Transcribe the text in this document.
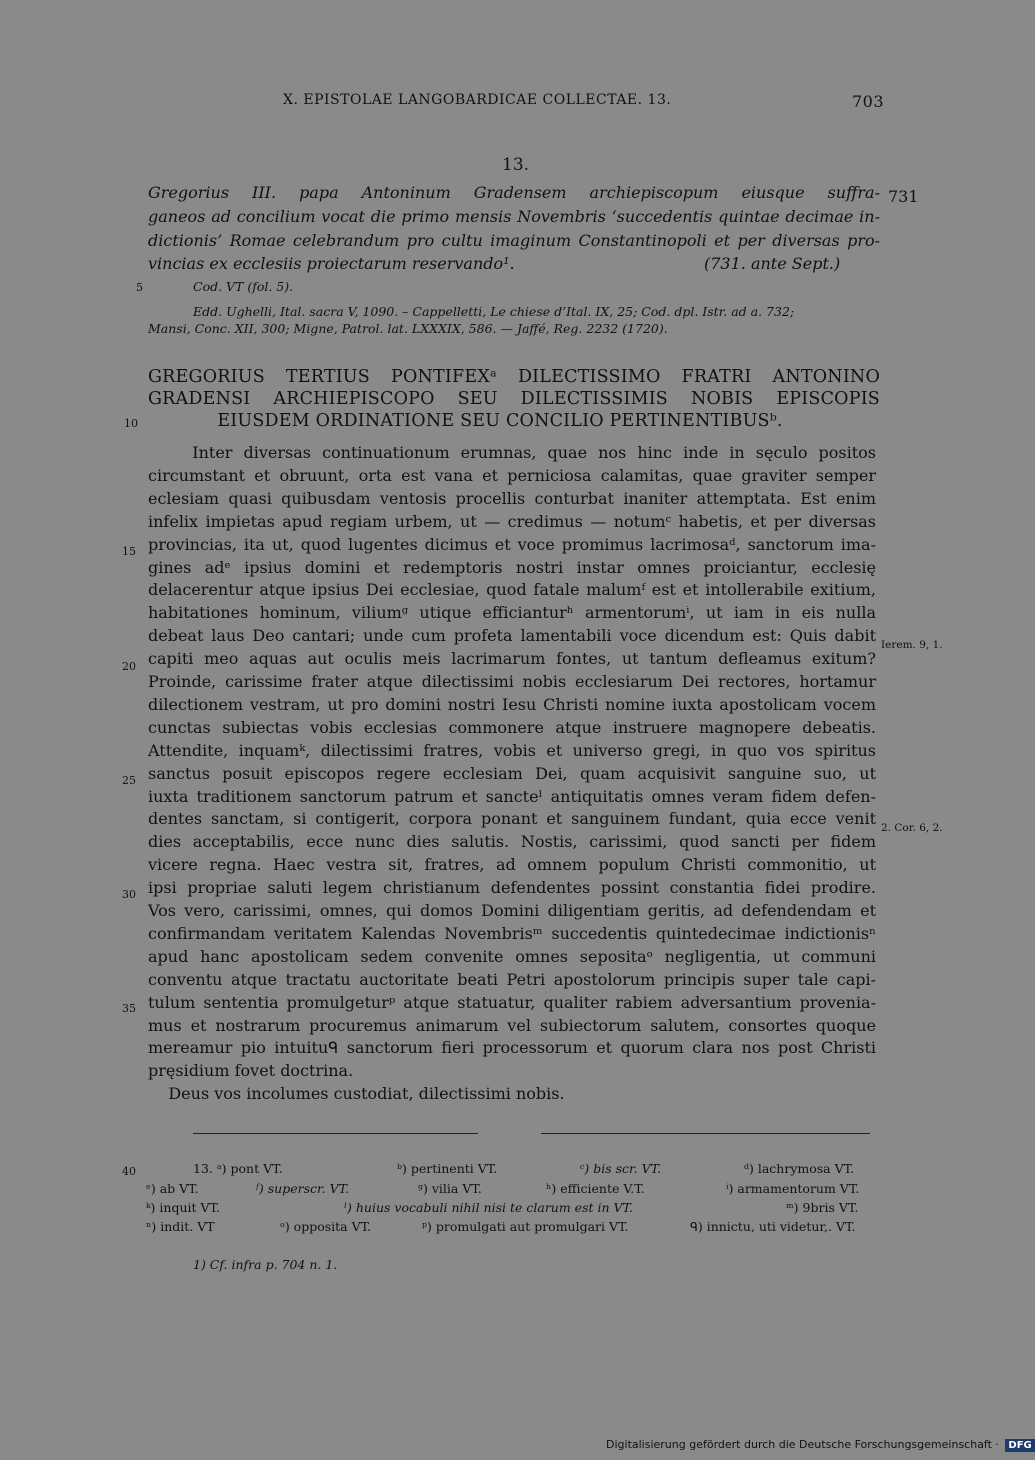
X. EPISTOLAE LANGOBARDICAE COLLECTAE. 13.	703
13.
Gregorius III. papa Antoninum Gradensem archiepiscopum eiusque suffra-
ganeos ad concilium vocat die primo mensis Novembris ‘succedentis quintae decimae in-
dictionis’ Romae celebrandum pro cultu imaginum Constantinopoli et per diversas pro-
vincias ex ecclesiis proiectarum reservando¹.	(731. ante Sept.)
731
5	Cod. VT (fol. 5).
Edd. Ughelli, Ital. sacra V, 1090. – Cappelletti, Le chiese d’Ital. IX, 25; Cod. dpl. Istr. ad a. 732;
Mansi, Conc. XII, 300; Migne, Patrol. lat. LXXXIX, 586. — Jaffé, Reg. 2232 (1720).
GREGORIUS TERTIUS PONTIFEXᵃ DILECTISSIMO FRATRI ANTONINO
GRADENSI ARCHIEPISCOPO SEU DILECTISSIMIS NOBIS EPISCOPIS
EIUSDEM ORDINATIONE SEU CONCILIO PERTINENTIBUSᵇ.
10
Inter diversas continuationum erumnas, quae nos hinc inde in sęculo positos
circumstant et obruunt, orta est vana et perniciosa calamitas, quae graviter semper
eclesiam quasi quibusdam ventosis procellis conturbat inaniter attemptata. Est enim
infelix impietas apud regiam urbem, ut — credimus — notumᶜ habetis, et per diversas
provincias, ita ut, quod lugentes dicimus et voce promimus lacrimosaᵈ, sanctorum ima-
gines adᵉ ipsius domini et redemptoris nostri instar omnes proiciantur, ecclesię
delacerentur atque ipsius Dei ecclesiae, quod fatale malumᶠ est et intollerabile exitium,
habitationes hominum, viliumᵍ utique efficianturʰ armentorumⁱ, ut iam in eis nulla
debeat laus Deo cantari; unde cum profeta lamentabili voce dicendum est: Quis dabit
capiti meo aquas aut oculis meis lacrimarum fontes, ut tantum defleamus exitum?
Proinde, carissime frater atque dilectissimi nobis ecclesiarum Dei rectores, hortamur
dilectionem vestram, ut pro domini nostri Iesu Christi nomine iuxta apostolicam vocem
cunctas subiectas vobis ecclesias commonere atque instruere magnopere debeatis.
Attendite, inquamᵏ, dilectissimi fratres, vobis et universo gregi, in quo vos spiritus
sanctus posuit episcopos regere ecclesiam Dei, quam acquisivit sanguine suo, ut
iuxta traditionem sanctorum patrum et sancteˡ antiquitatis omnes veram fidem defen-
dentes sanctam, si contigerit, corpora ponant et sanguinem fundant, quia ecce venit
dies acceptabilis, ecce nunc dies salutis. Nostis, carissimi, quod sancti per fidem
vicere regna. Haec vestra sit, fratres, ad omnem populum Christi commonitio, ut
ipsi propriae saluti legem christianum defendentes possint constantia fidei prodire.
Vos vero, carissimi, omnes, qui domos Domini diligentiam geritis, ad defendendam et
confirmandam veritatem Kalendas Novembrisᵐ succedentis quintedecimae indictionisⁿ
apud hanc apostolicam sedem convenite omnes sepositaᵒ negligentia, ut communi
conventu atque tractatu auctoritate beati Petri apostolorum principis super tale capi-
tulum sententia promulgeturᵖ atque statuatur, qualiter rabiem adversantium provenia-
mus et nostrarum procuremus animarum vel subiectorum salutem, consortes quoque
mereamur pio intuituᑫ sanctorum fieri processorum et quorum clara nos post Christi
pręsidium fovet doctrina.
Deus vos incolumes custodiat, dilectissimi nobis.
15
20
25
30
35
Ierem. 9, 1.
2. Cor. 6, 2.
40	13. ᵃ) pont VT.	ᵇ) pertinenti VT.	ᶜ) bis scr. VT.	ᵈ) lachrymosa VT.
ᵉ) ab VT.	ᶠ) superscr. VT.	ᵍ) vilia VT.	ʰ) efficiente V.T.	ⁱ) armamentorum VT.
ᵏ) inquit VT.	ˡ) huius vocabuli nihil nisi te clarum est in VT.	ᵐ) 9bris VT.
ⁿ) indit. VT	ᵒ) opposita VT.	ᵖ) promulgati aut promulgari VT.	ᑫ) innictu, uti videtur,. VT.
1) Cf. infra p. 704 n. 1.
Digitalisierung gefördert durch die Deutsche Forschungsgemeinschaft · DFG
